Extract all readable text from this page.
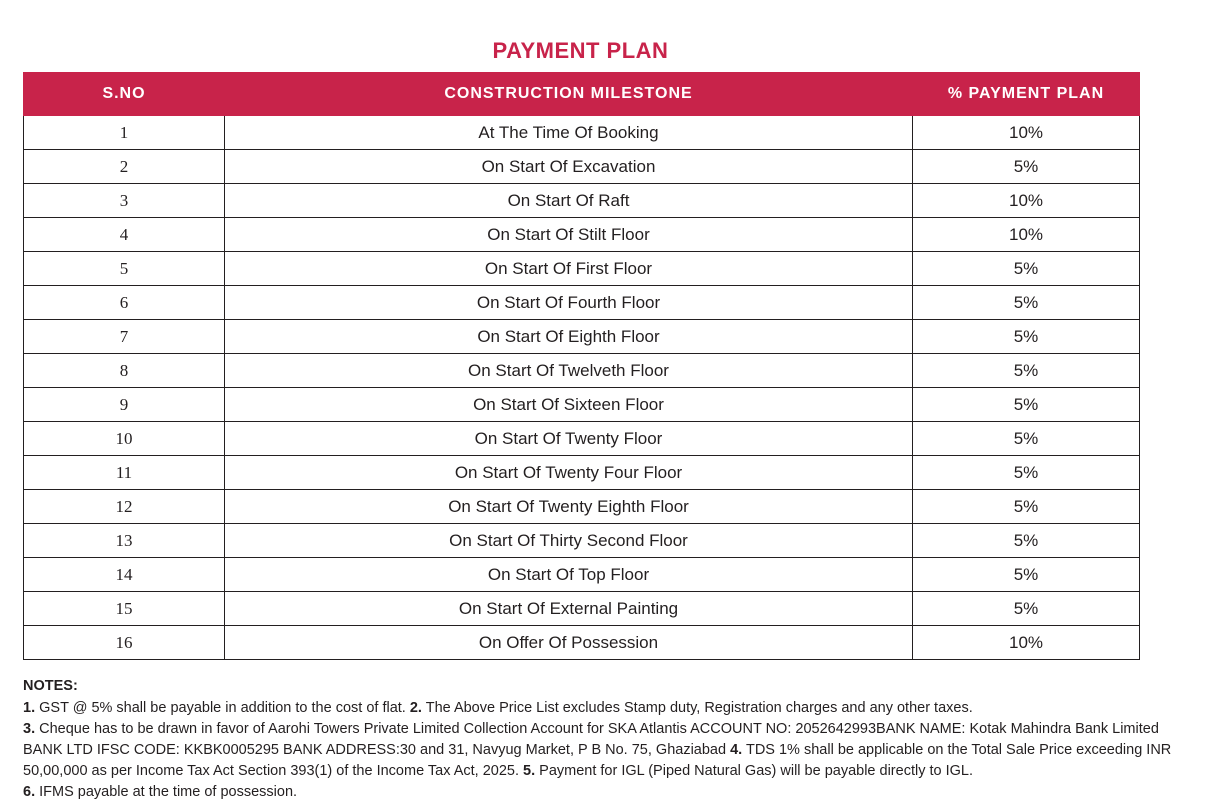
PAYMENT PLAN
S.NO	CONSTRUCTION MILESTONE	% PAYMENT PLAN
1	At The Time Of Booking	10%
2	On Start Of Excavation	5%
3	On Start Of Raft	10%
4	On Start Of Stilt Floor	10%
5	On Start Of First Floor	5%
6	On Start Of Fourth Floor	5%
7	On Start Of Eighth Floor	5%
8	On Start Of Twelveth Floor	5%
9	On Start Of Sixteen Floor	5%
10	On Start Of Twenty Floor	5%
11	On Start Of Twenty Four Floor	5%
12	On Start Of Twenty Eighth Floor	5%
13	On Start Of Thirty Second Floor	5%
14	On Start Of Top Floor	5%
15	On Start Of External Painting	5%
16	On Offer Of Possession	10%
NOTES:
1. GST @ 5% shall be payable in addition to the cost of flat. 2. The Above Price List excludes Stamp duty, Registration charges and any other taxes.
3. Cheque has to be drawn in favor of Aarohi Towers Private Limited Collection Account for SKA Atlantis ACCOUNT NO: 2052642993BANK NAME: Kotak Mahindra Bank Limited BANK LTD IFSC CODE: KKBK0005295 BANK ADDRESS:30 and 31, Navyug Market, P B No. 75, Ghaziabad 4. TDS 1% shall be applicable on the Total Sale Price exceeding INR 50,00,000 as per Income Tax Act Section 393(1) of the Income Tax Act, 2025. 5. Payment for IGL (Piped Natural Gas) will be payable directly to IGL.
6. IFMS payable at the time of possession.
